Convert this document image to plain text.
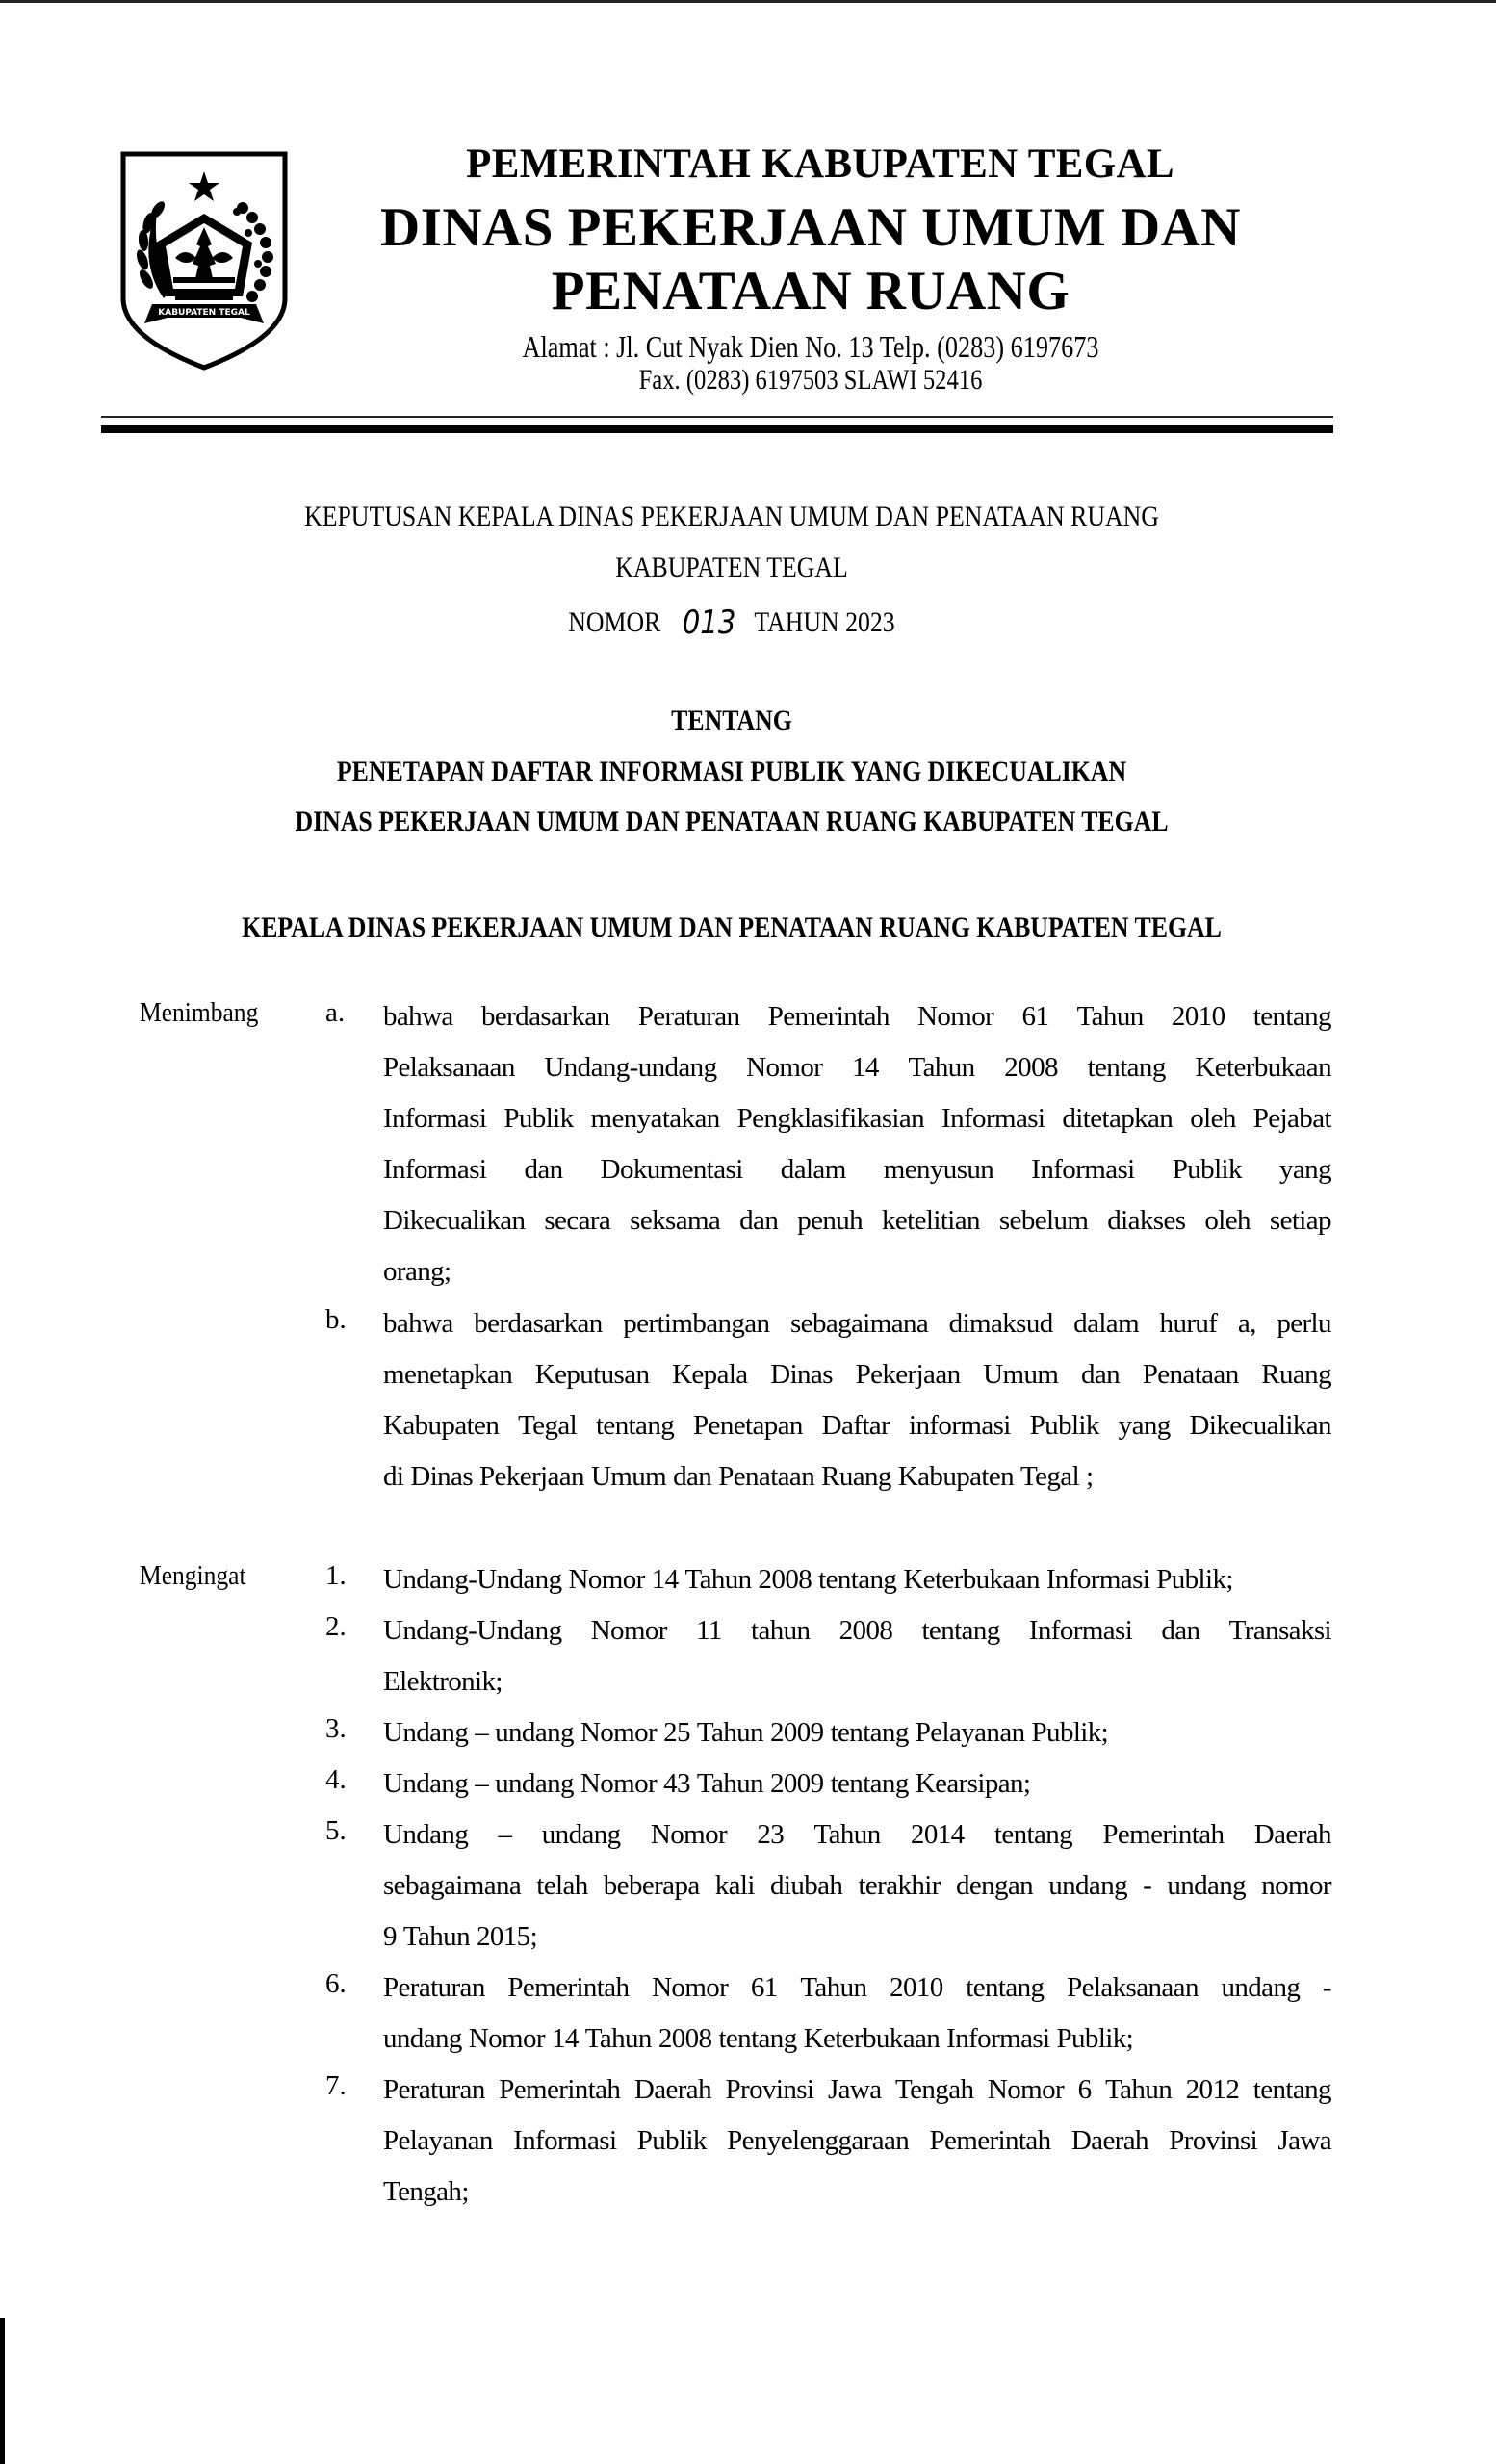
KABUPATEN TEGAL
PEMERINTAH KABUPATEN TEGAL
DINAS PEKERJAAN UMUM DAN
PENATAAN RUANG
Alamat : Jl. Cut Nyak Dien No. 13 Telp. (0283) 6197673
Fax. (0283) 6197503 SLAWI 52416
KEPUTUSAN KEPALA DINAS PEKERJAAN UMUM DAN PENATAAN RUANG
KABUPATEN TEGAL
NOMOR 013 TAHUN 2023
TENTANG
PENETAPAN DAFTAR INFORMASI PUBLIK YANG DIKECUALIKAN
DINAS PEKERJAAN UMUM DAN PENATAAN RUANG KABUPATEN TEGAL
KEPALA DINAS PEKERJAAN UMUM DAN PENATAAN RUANG KABUPATEN TEGAL
Menimbang a. bahwa berdasarkan Peraturan Pemerintah Nomor 61 Tahun 2010 tentang
Pelaksanaan Undang-undang Nomor 14 Tahun 2008 tentang Keterbukaan
Informasi Publik menyatakan Pengklasifikasian Informasi ditetapkan oleh Pejabat
Informasi dan Dokumentasi dalam menyusun Informasi Publik yang
Dikecualikan secara seksama dan penuh ketelitian sebelum diakses oleh setiap
orang;
b. bahwa berdasarkan pertimbangan sebagaimana dimaksud dalam huruf a, perlu
menetapkan Keputusan Kepala Dinas Pekerjaan Umum dan Penataan Ruang
Kabupaten Tegal tentang Penetapan Daftar informasi Publik yang Dikecualikan
di Dinas Pekerjaan Umum dan Penataan Ruang Kabupaten Tegal ;
Mengingat	1. Undang-Undang Nomor 14 Tahun 2008 tentang Keterbukaan Informasi Publik;
2. Undang-Undang Nomor 11 tahun 2008 tentang Informasi dan Transaksi
Elektronik;
3. Undang – undang Nomor 25 Tahun 2009 tentang Pelayanan Publik;
4. Undang – undang Nomor 43 Tahun 2009 tentang Kearsipan;
5. Undang – undang Nomor 23 Tahun 2014 tentang Pemerintah Daerah
sebagaimana telah beberapa kali diubah terakhir dengan undang - undang nomor
9 Tahun 2015;
6. Peraturan Pemerintah Nomor 61 Tahun 2010 tentang Pelaksanaan undang -
undang Nomor 14 Tahun 2008 tentang Keterbukaan Informasi Publik;
7. Peraturan Pemerintah Daerah Provinsi Jawa Tengah Nomor 6 Tahun 2012 tentang
Pelayanan Informasi Publik Penyelenggaraan Pemerintah Daerah Provinsi Jawa
Tengah;
